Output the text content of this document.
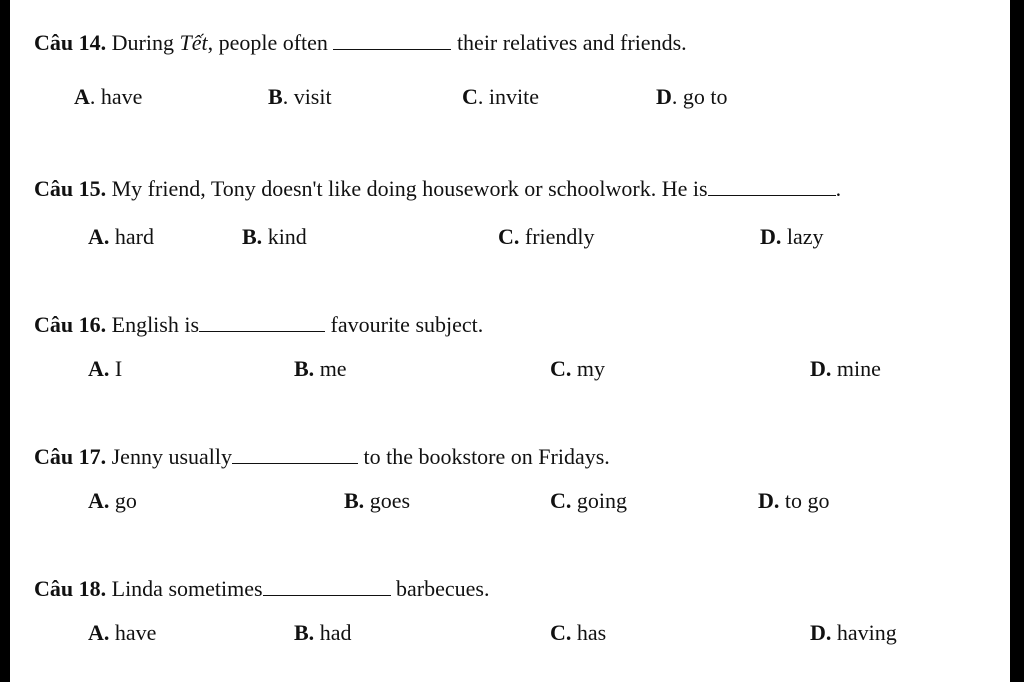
Câu 14. During Tết, people often	their relatives and friends.
A. have	B. visit	C. invite	D. go to
Câu 15. My friend, Tony doesn't like doing housework or schoolwork. He is	.
A. hard	B. kind	C. friendly	D. lazy
Câu 16. English is	favourite subject.
A. I	B. me	C. my	D. mine
Câu 17. Jenny usually	to the bookstore on Fridays.
A. go	B. goes	C. going	D. to go
Câu 18. Linda sometimes	barbecues.
A. have	B. had	C. has	D. having
